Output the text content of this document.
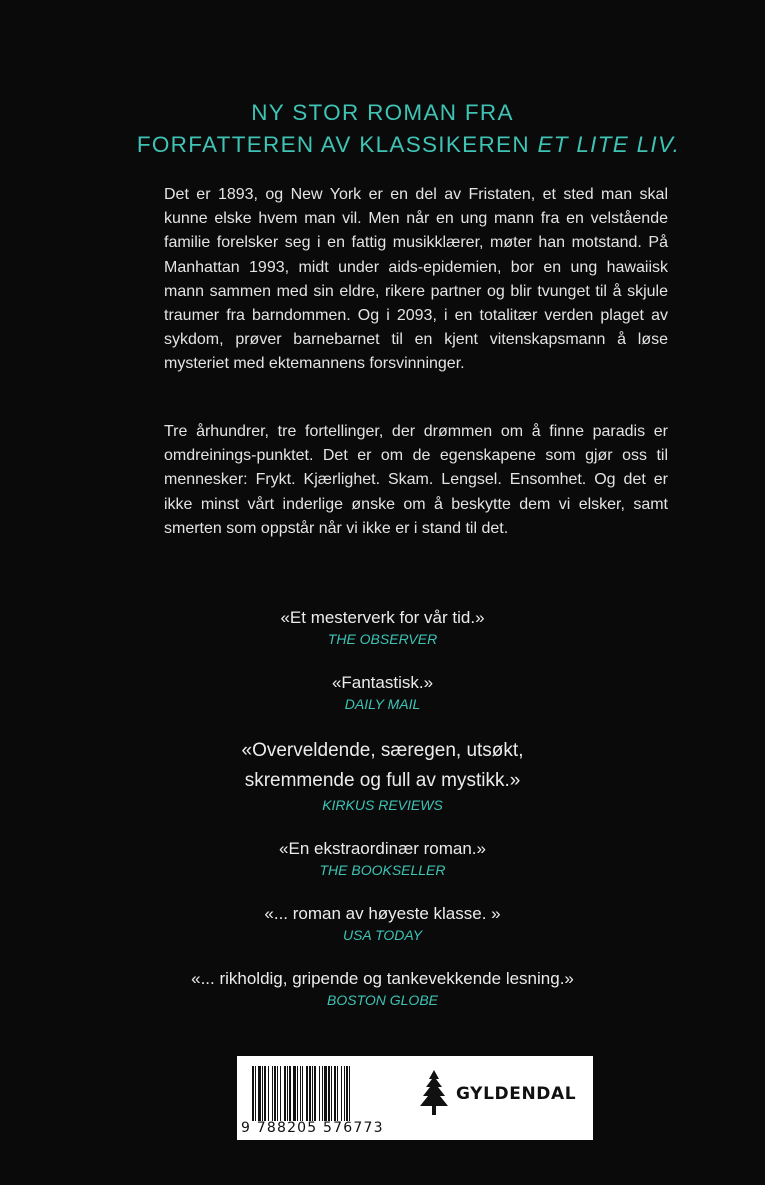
NY STOR ROMAN FRA
FORFATTEREN AV KLASSIKEREN ET LITE LIV.

Det er 1893, og New York er en del av Fristaten, et sted man skal kunne elske hvem man vil. Men når en ung mann fra en velstående familie forelsker seg i en fattig musikklærer, møter han motstand. På Manhattan 1993, midt under aids-epidemien, bor en ung hawaiisk mann sammen med sin eldre, rikere partner og blir tvunget til å skjule traumer fra barndommen. Og i 2093, i en totalitær verden plaget av sykdom, prøver barnebarnet til en kjent vitenskapsmann å løse mysteriet med ektemannens forsvinninger.

Tre århundrer, tre fortellinger, der drømmen om å finne paradis er omdreinings-punktet. Det er om de egenskapene som gjør oss til mennesker: Frykt. Kjærlighet. Skam. Lengsel. Ensomhet. Og det er ikke minst vårt inderlige ønske om å beskytte dem vi elsker, samt smerten som oppstår når vi ikke er i stand til det.

«Et mesterverk for vår tid.»
THE OBSERVER
«Fantastisk.»
DAILY MAIL
«Overveldende, særegen, utsøkt,
skremmende og full av mystikk.»
KIRKUS REVIEWS
«En ekstraordinær roman.»
THE BOOKSELLER
«... roman av høyeste klasse. »
USA TODAY
«... rikholdig, gripende og tankevekkende lesning.»
BOSTON GLOBE
9 788205 576773
GYLDENDAL
